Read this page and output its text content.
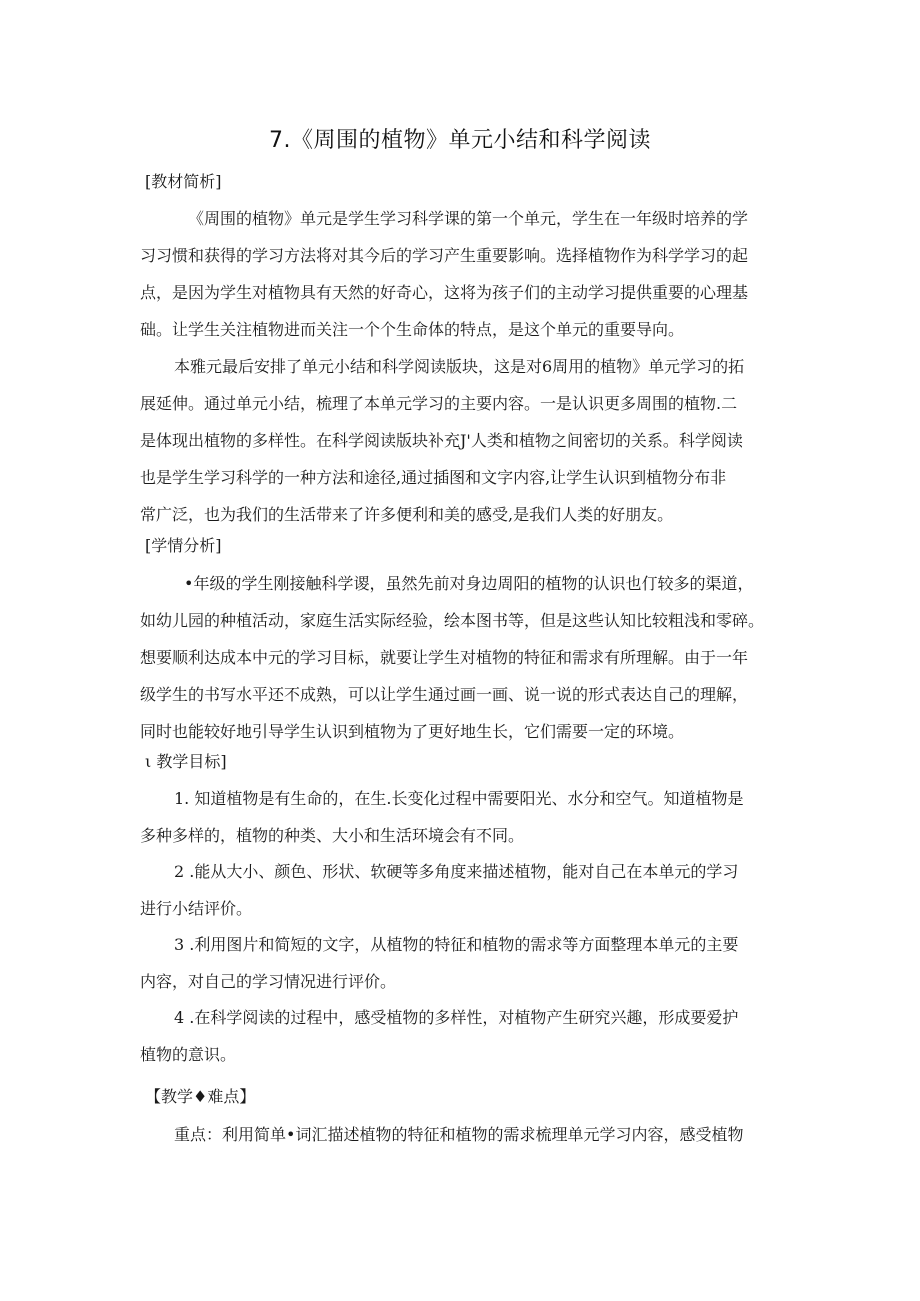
7.《周围的植物》单元小结和科学阅读
[教材简析]
《周围的植物》单元是学生学习科学课的第一个单元，学生在一年级时培养的学
习习惯和获得的学习方法将对其今后的学习产生重要影响。选择植物作为科学学习的起
点，是因为学生对植物具有天然的好奇心，这将为孩子们的主动学习提供重要的心理基
础。让学生关注植物进而关注一个个生命体的特点，是这个单元的重要导向。
本雅元最后安排了单元小结和科学阅读版块，这是对6周用的植物》单元学习的拓
展延伸。通过单元小结，梳理了本单元学习的主要内容。一是认识更多周围的植物.二
是体现出植物的多样性。在科学阅读版块补充J'人类和植物之间密切的关系。科学阅读
也是学生学习科学的一种方法和途径,通过插图和文字内容,让学生认识到植物分布非
常广泛，也为我们的生活带来了许多便利和美的感受,是我们人类的好朋友。
[学情分析]
•年级的学生刚接触科学谡，虽然先前对身边周阳的植物的认识也仃较多的渠道，
如幼儿园的种植活动，家庭生活实际经验，绘本图书等，但是这些认知比较粗浅和零碎。
想要顺利达成本中元的学习目标，就要让学生对植物的特征和需求有所理解。由于一年
级学生的书写水平还不成熟，可以让学生通过画一画、说一说的形式表达自己的理解，
同时也能较好地引导学生认识到植物为了更好地生长，它们需要一定的环境。
ι 教学目标]
1. 知道植物是有生命的，在生.长变化过程中需要阳光、水分和空气。知道植物是
多种多样的，植物的种类、大小和生活环境会有不同。
2 .能从大小、颜色、形状、软硬等多角度来描述植物，能对自己在本单元的学习
进行小结评价。
3 .利用图片和简短的文字，从植物的特征和植物的需求等方面整理本单元的主要
内容，对自己的学习情况进行评价。
4 .在科学阅读的过程中，感受植物的多样性，对植物产生研究兴趣，形成要爱护
植物的意识。
【教学♦难点】
重点：利用简单•词汇描述植物的特征和植物的需求梳理单元学习内容，感受植物
